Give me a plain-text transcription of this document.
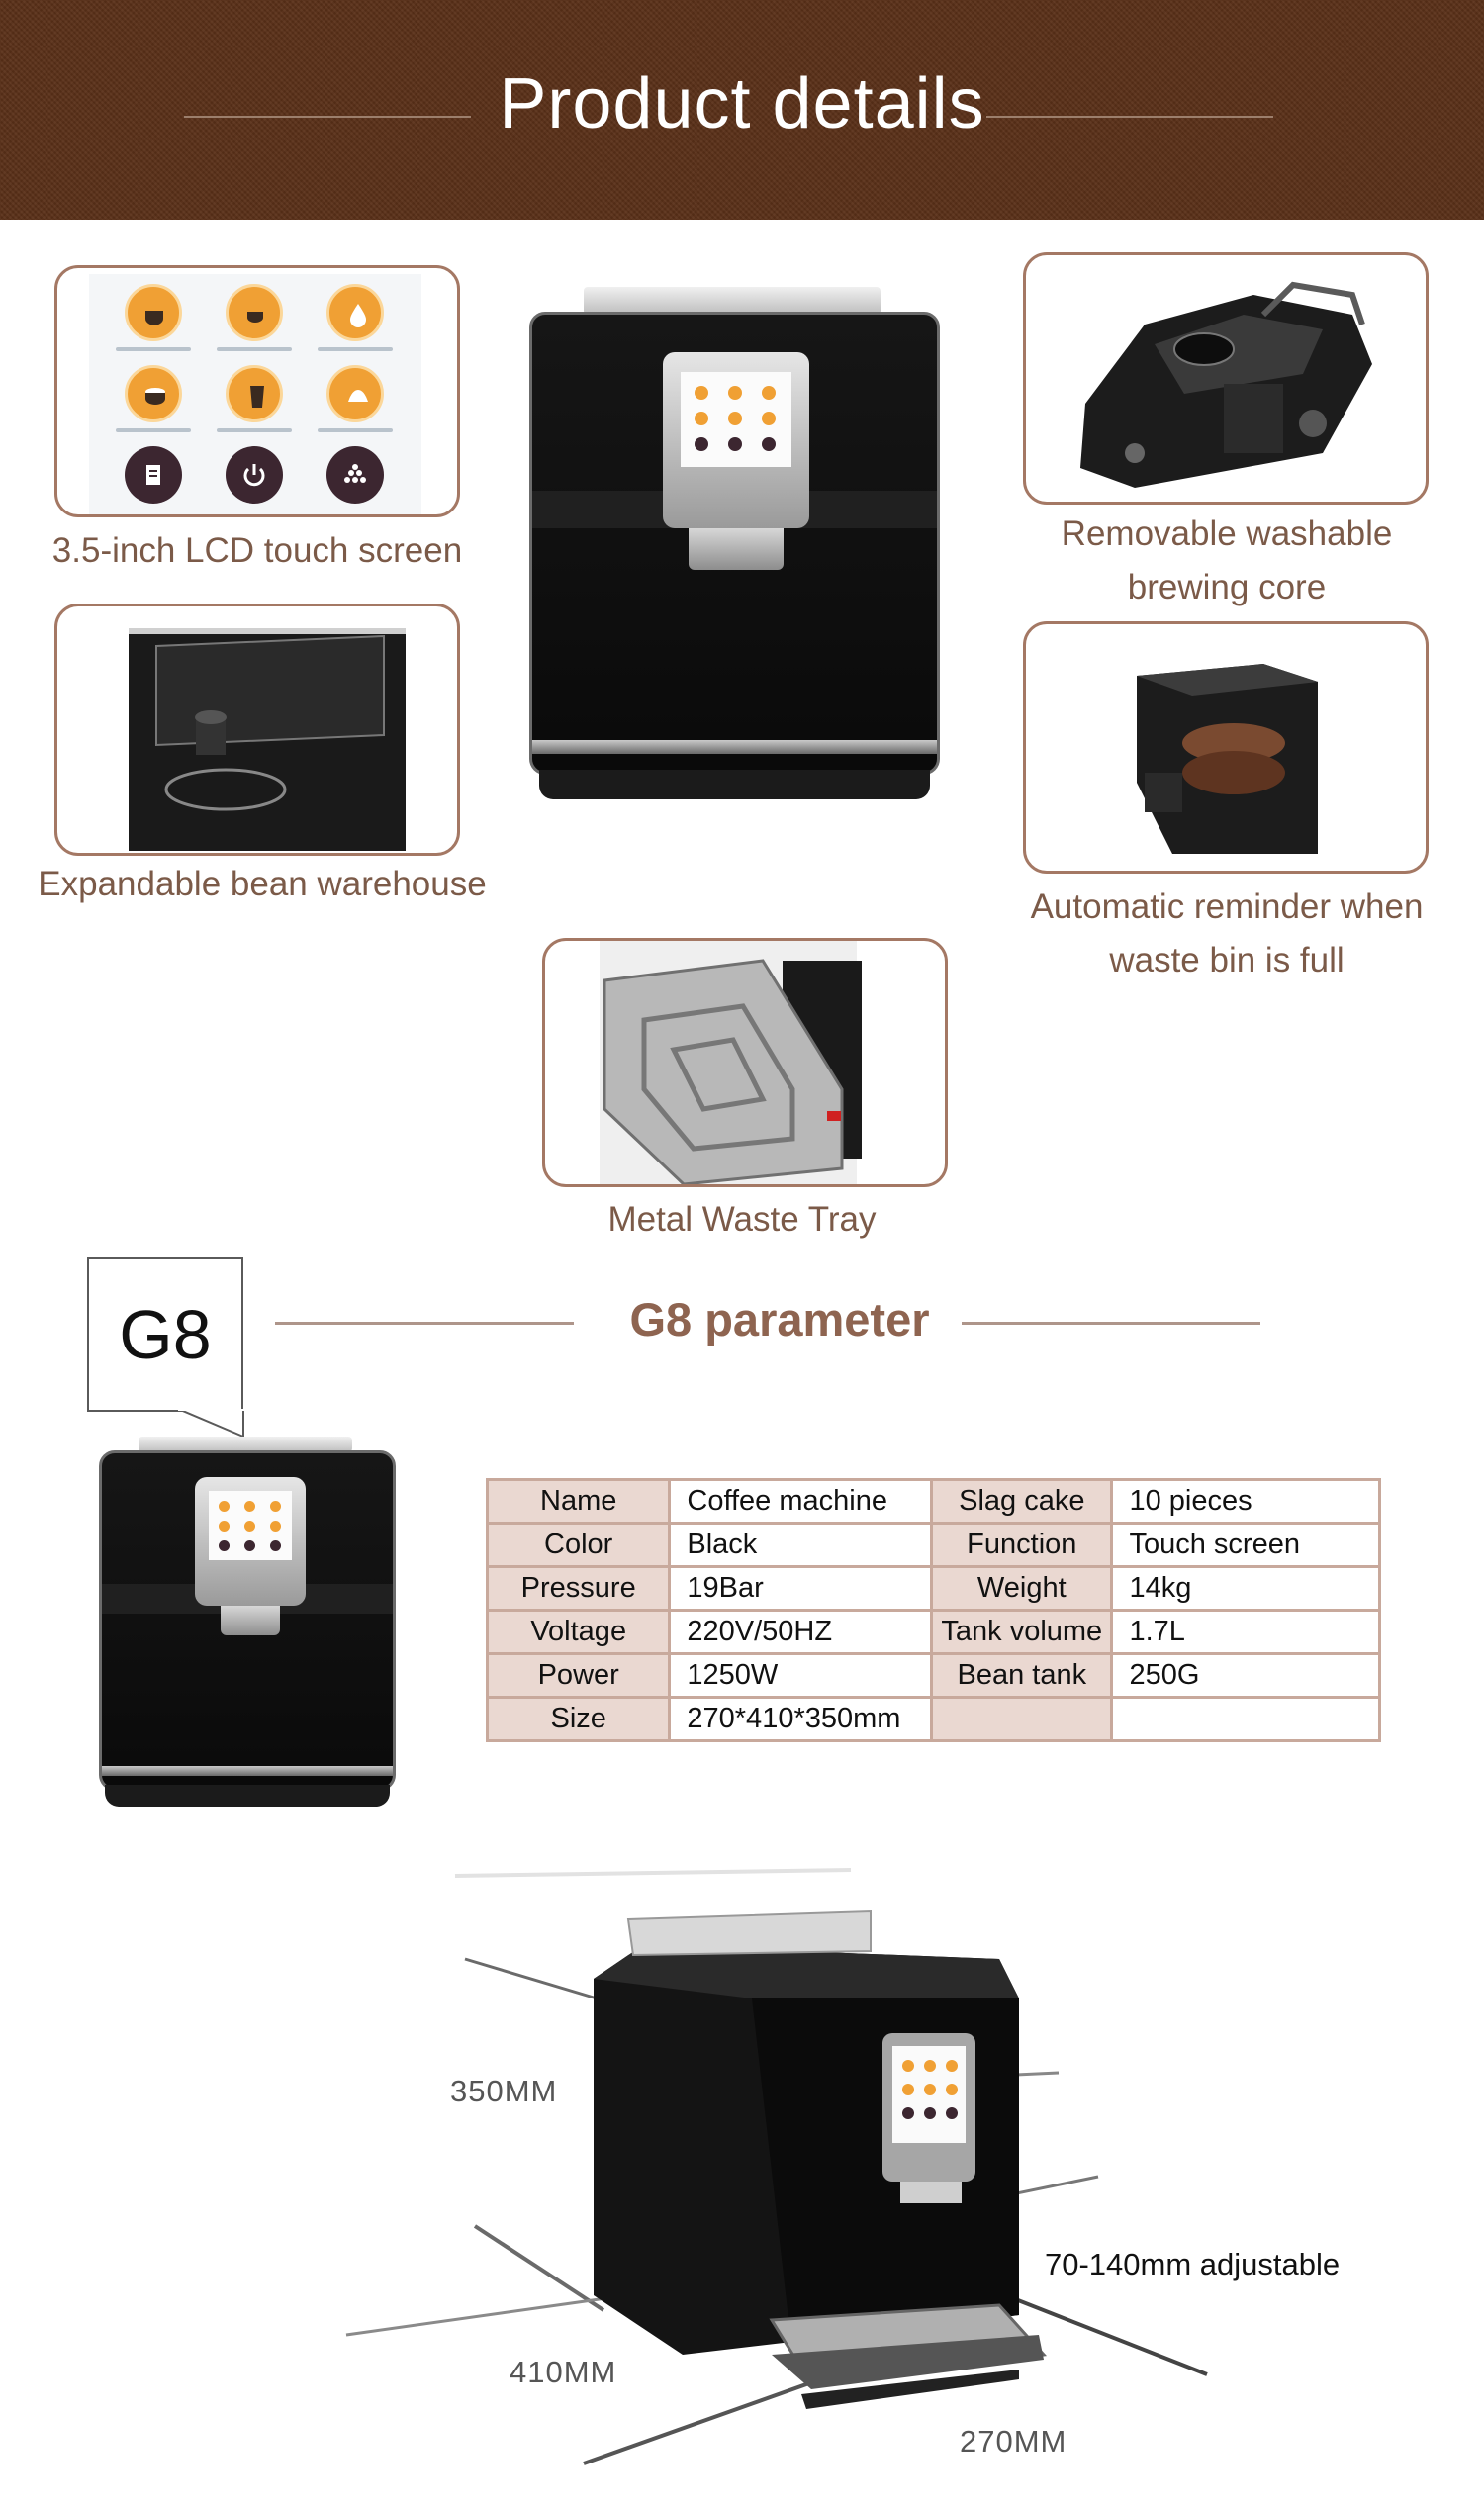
Product details
3.5-inch LCD touch screen	Removable washable
brewing core
Expandable bean warehouse
Automatic reminder when
waste bin is full
Metal Waste Tray
G8	G8 parameter
Name	Coffee machine	Slag cake	10 pieces
Color	Black	Function	Touch screen
Pressure	19Bar	Weight	14kg
Voltage	220V/50HZ	Tank volume	1.7L
Power	1250W	Bean tank	250G
Size	270*410*350mm		
350MM
410MM
270MM
70-140mm adjustable
